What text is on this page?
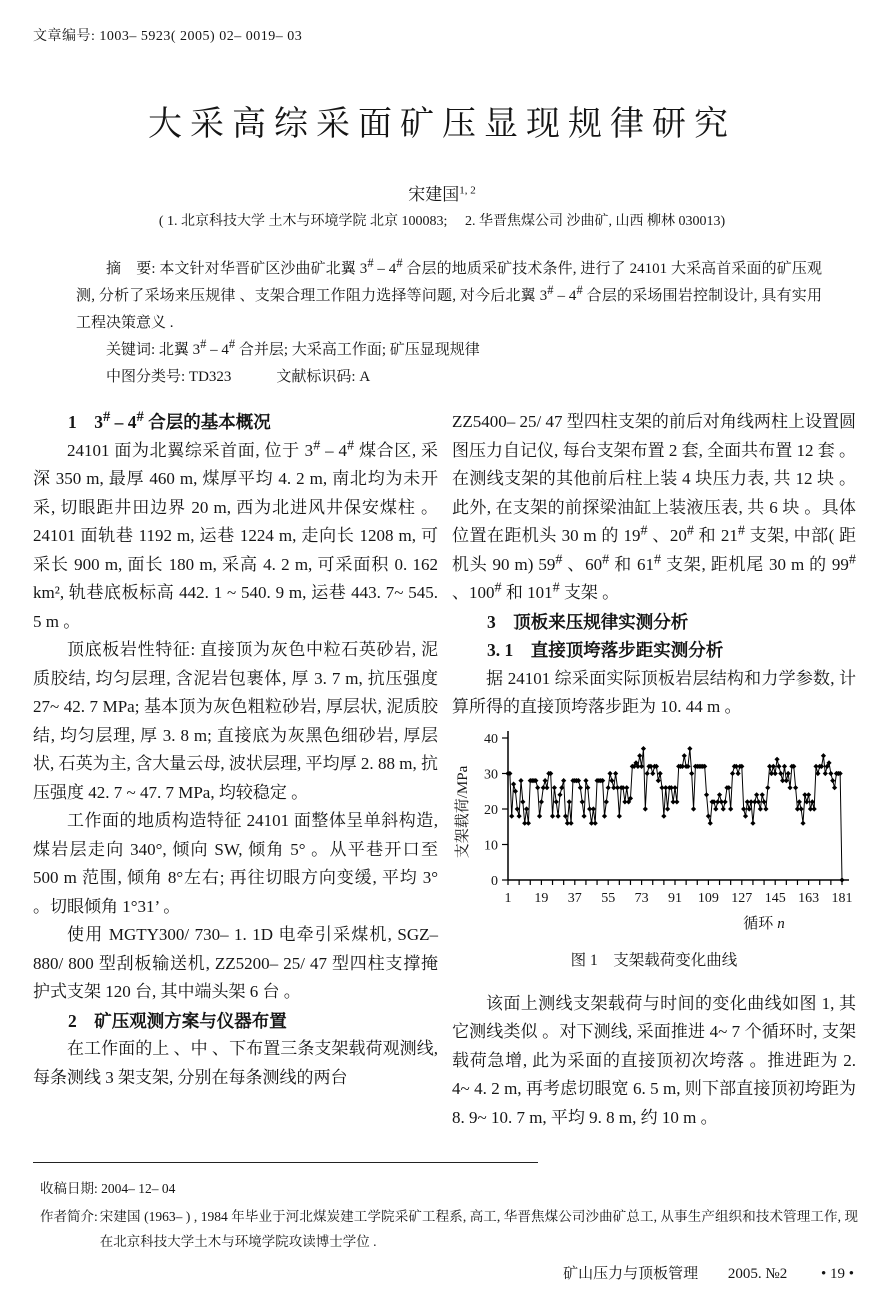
文章编号: 1003– 5923( 2005) 02– 0019– 03
大采高综采面矿压显现规律研究
宋建国$^{1, 2}$
( 1. 北京科技大学 土木与环境学院 北京 100083;　 2. 华晋焦煤公司 沙曲矿, 山西 柳林 030013)

摘　要: 本文针对华晋矿区沙曲矿北翼 3# – 4# 合层的地质采矿技术条件, 进行了 24101 大采高首采面的矿压观测, 分析了采场来压规律 、支架合理工作阻力选择等问题, 对今后北翼 3# – 4# 合层的采场围岩控制设计, 具有实用工程决策意义 .

关键词: 北翼 3# – 4# 合并层; 大采高工作面; 矿压显现规律

中图分类号: TD323　　　文献标识码: A

1　3# – 4# 合层的基本概况

24101 面为北翼综采首面, 位于 3# – 4# 煤合区, 采深 350 m, 最厚 460 m, 煤厚平均 4. 2 m, 南北均为未开采, 切眼距井田边界 20 m, 西为北进风井保安煤柱 。24101 面轨巷 1192 m, 运巷 1224 m, 走向长 1208 m, 可采长 900 m, 面长 180 m, 采高 4. 2 m, 可采面积 0. 162 km², 轨巷底板标高 442. 1 ~ 540. 9 m, 运巷 443. 7~ 545. 5 m 。

顶底板岩性特征: 直接顶为灰色中粒石英砂岩, 泥质胶结, 均匀层理, 含泥岩包裹体, 厚 3. 7 m, 抗压强度 27~ 42. 7 MPa; 基本顶为灰色粗粒砂岩, 厚层状, 泥质胶结, 均匀层理, 厚 3. 8 m; 直接底为灰黑色细砂岩, 厚层状, 石英为主, 含大量云母, 波状层理, 平均厚 2. 88 m, 抗压强度 42. 7 ~ 47. 7 MPa, 均较稳定 。

工作面的地质构造特征 24101 面整体呈单斜构造, 煤岩层走向 340°, 倾向 SW, 倾角 5° 。从平巷开口至 500 m 范围, 倾角 8°左右; 再往切眼方向变缓, 平均 3° 。切眼倾角 1°31’ 。

使用 MGTY300/ 730– 1. 1D 电牵引采煤机, SGZ– 880/ 800 型刮板输送机, ZZ5200– 25/ 47 型四柱支撑掩护式支架 120 台, 其中端头架 6 台 。

2　矿压观测方案与仪器布置

在工作面的上 、中 、下布置三条支架载荷观测线, 每条测线 3 架支架, 分别在每条测线的两台

ZZ5400– 25/ 47 型四柱支架的前后对角线两柱上设置圆图压力自记仪, 每台支架布置 2 套, 全面共布置 12 套 。在测线支架的其他前后柱上装 4 块压力表, 共 12 块 。此外, 在支架的前探梁油缸上装液压表, 共 6 块 。具体位置在距机头 30 m 的 19# 、20# 和 21# 支架, 中部( 距机头 90 m) 59# 、60# 和 61# 支架, 距机尾 30 m 的 99# 、100# 和 101# 支架 。

3　顶板来压规律实测分析

3. 1　直接顶垮落步距实测分析

据 24101 综采面实际顶板岩层结构和力学参数, 计算所得的直接顶垮落步距为 10. 44 m 。

支架载荷/MPa
循环 n
0
10
20
30
40
1 19 37 55 73 91 109 127 145 163 181
图 1　支架载荷变化曲线

该面上测线支架载荷与时间的变化曲线如图 1, 其它测线类似 。对下测线, 采面推进 4~ 7 个循环时, 支架载荷急增, 此为采面的直接顶初次垮落 。推进距为 2. 4~ 4. 2 m, 再考虑切眼宽 6. 5 m, 则下部直接顶初垮距为 8. 9~ 10. 7 m, 平均 9. 8 m, 约 10 m 。

收稿日期: 2004– 12– 04
作者简介: 宋建国 (1963– ) , 1984 年毕业于河北煤炭建工学院采矿工程系, 高工, 华晋焦煤公司沙曲矿总工, 从事生产组织和技术管理工作, 现在北京科技大学土木与环境学院攻读博士学位 .
矿山压力与顶板管理 2005. №2 • 19 •
